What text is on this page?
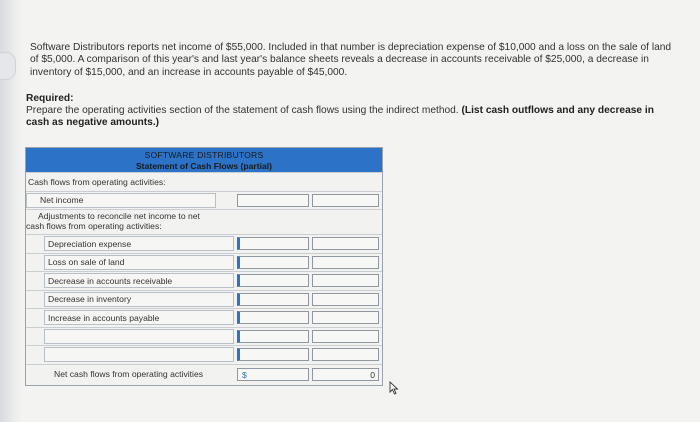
Software Distributors reports net income of $55,000. Included in that number is depreciation expense of $10,000 and a loss on the sale of land of $5,000. A comparison of this year's and last year's balance sheets reveals a decrease in accounts receivable of $25,000, a decrease in inventory of $15,000, and an increase in accounts payable of $45,000.
Required:
Prepare the operating activities section of the statement of cash flows using the indirect method. (List cash outflows and any decrease in cash as negative amounts.)
SOFTWARE DISTRIBUTORS
Statement of Cash Flows (partial)
Cash flows from operating activities:
Net income
Adjustments to reconcile net income to net
cash flows from operating activities:
Depreciation expense
Loss on sale of land
Decrease in accounts receivable
Decrease in inventory
Increase in accounts payable
Net cash flows from operating activities	$	0
